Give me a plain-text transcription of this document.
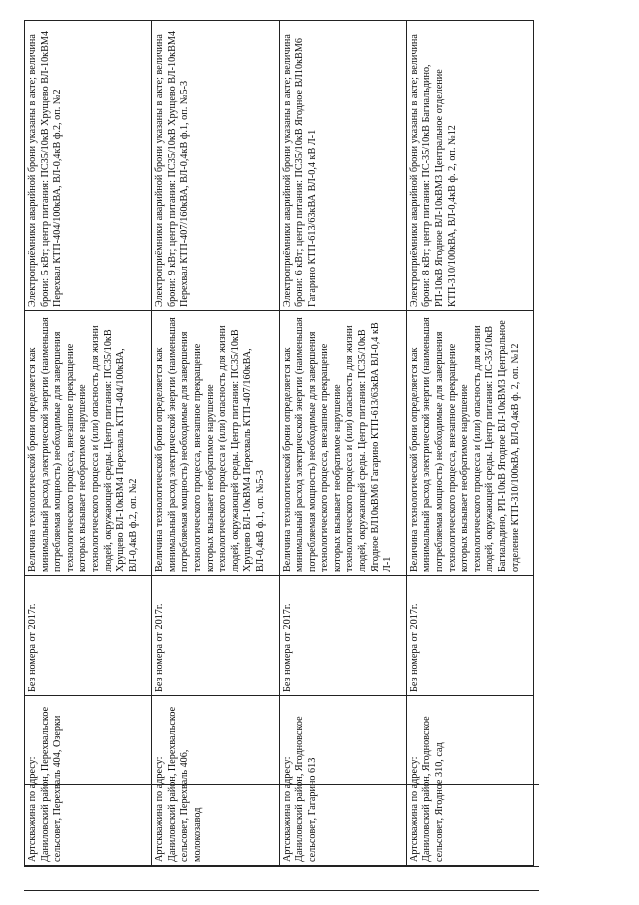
Артскважина по адресу: Даниловский район, Перехвальское сельсовет, Перехваль 404, Озерки	Без номера от 2017г.	Величина технологической брони определяется как минимальный расход электрической энергии (наименьшая потребляемая мощность) необходимые для завершения технологического процесса, внезапное прекращение которых вызывает необратимое нарушение технологического процесса и (или) опасность для жизни людей, окружающей среды. Центр питания: ПС35/10кВ Хрущево ВЛ-10кВМ4 Перехваль КТП-404/100кВА, ВЛ-0,4кВ ф.2, оп. №2	Электроприёмники аварийной брони указаны в акте; величина брони: 5 кВт; центр питания: ПС35/10кВ Хрущево ВЛ-10кВМ4 Перехвал КТП-404/100кВА, ВЛ-0,4кВ ф.2, оп. №2
Артскважина по адресу: Даниловский район, Перехвальское сельсовет, Перехваль 406, молокозавод	Без номера от 2017г.	Величина технологической брони определяется как минимальный расход электрической энергии (наименьшая потребляемая мощность) необходимые для завершения технологического процесса, внезапное прекращение которых вызывает необратимое нарушение технологического процесса и (или) опасность для жизни людей, окружающей среды. Центр питания: ПС35/10кВ Хрущево ВЛ-10кВМ4 Перехваль КТП-407/160кВА, ВЛ-0,4кВ ф.1, оп. №5-3	Электроприёмники аварийной брони указаны в акте; величина брони: 9 кВт; центр питания: ПС35/10кВ Хрущево ВЛ-10кВМ4 Перехвал КТП-407/160кВА, ВЛ-0,4кВ ф.1, оп. №5-3
Артскважина по адресу: Даниловский район, Ягодновское сельсовет, Гагарино 613	Без номера от 2017г.	Величина технологической брони определяется как минимальный расход электрической энергии (наименьшая потребляемая мощность) необходимые для завершения технологического процесса, внезапное прекращение которых вызывает необратимое нарушение технологического процесса и (или) опасность для жизни людей, окружающей среды. Центр питания: ПС35/10кВ Ягодное ВЛ10кВМ6 Гагарино КТП-613/63кВА ВЛ-0,4 кВ Л-1	Электроприёмники аварийной брони указаны в акте; величина брони: 6 кВт; центр питания: ПС35/10кВ Ягодное ВЛ10кВМ6 Гагарино КТП-613/63кВА ВЛ-0,4 кВ Л-1
Артскважина по адресу: Даниловский район, Ягодновское сельсовет, Ягодное 310, сад	Без номера от 2017г.	Величина технологической брони определяется как минимальный расход электрической энергии (наименьшая потребляемая мощность) необходимые для завершения технологического процесса, внезапное прекращение которых вызывает необратимое нарушение технологического процесса и (или) опасность для жизни людей, окружающей среды. Центр питания: ПС-35/10кВ Багиальдино, РП-10кВ Ягодное ВЛ-10кВМ3 Центральное отделение КТП-310/100кВА, ВЛ-0,4кВ ф. 2, оп. №12	Электроприёмники аварийной брони указаны в акте; величина брони: 8 кВт; центр питания: ПС-35/10кВ Багиальдино, РП-10кВ Ягодное ВЛ-10кВМ3 Центральное отделение КТП-310/100кВА, ВЛ-0,4кВ ф. 2, оп. №12
